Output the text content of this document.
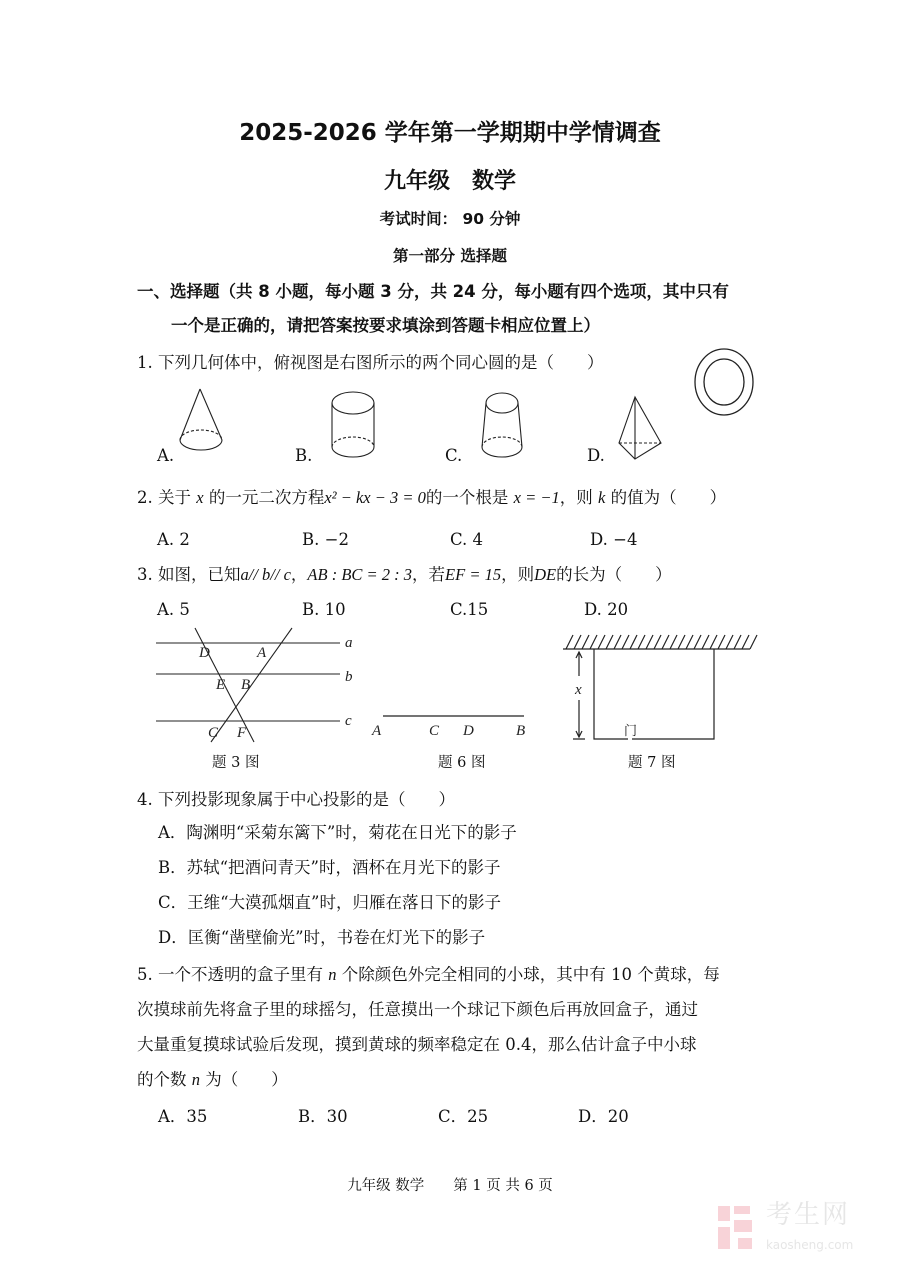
2025-2026 学年第一学期期中学情调查
九年级　数学
考试时间： 90 分钟
第一部分 选择题
一、选择题（共 8 小题，每小题 3 分，共 24 分，每小题有四个选项，其中只有
一个是正确的，请把答案按要求填涂到答题卡相应位置上）
1. 下列几何体中，俯视图是右图所示的两个同心圆的是（　　）
A.	B.	C.	D.
2. 关于 x 的一元二次方程x² − kx − 3 = 0的一个根是 x = −1，则 k 的值为（　　）
A. 2	B. −2	C. 4	D. −4
3. 如图，已知a// b// c，AB : BC = 2 : 3，若EF = 15，则DE的长为（　　）
A. 5	B. 10	C.15	D. 20
a
b
c
D	A
E B
C F
题 3 图
A	C D	B
题 6 图
x
门
题 7 图
4. 下列投影现象属于中心投影的是（　　）
A．陶渊明“采菊东篱下”时，菊花在日光下的影子
B．苏轼“把酒问青天”时，酒杯在月光下的影子
C．王维“大漠孤烟直”时，归雁在落日下的影子
D．匡衡“凿壁偷光”时，书卷在灯光下的影子
5. 一个不透明的盒子里有 n 个除颜色外完全相同的小球，其中有 10 个黄球，每
次摸球前先将盒子里的球摇匀，任意摸出一个球记下颜色后再放回盒子，通过
大量重复摸球试验后发现，摸到黄球的频率稳定在 0.4，那么估计盒子中小球
的个数 n 为（　　）
A．35	B．30	C．25	D．20
九年级 数学　　第 1 页 共 6 页
考生网
kaosheng.com
